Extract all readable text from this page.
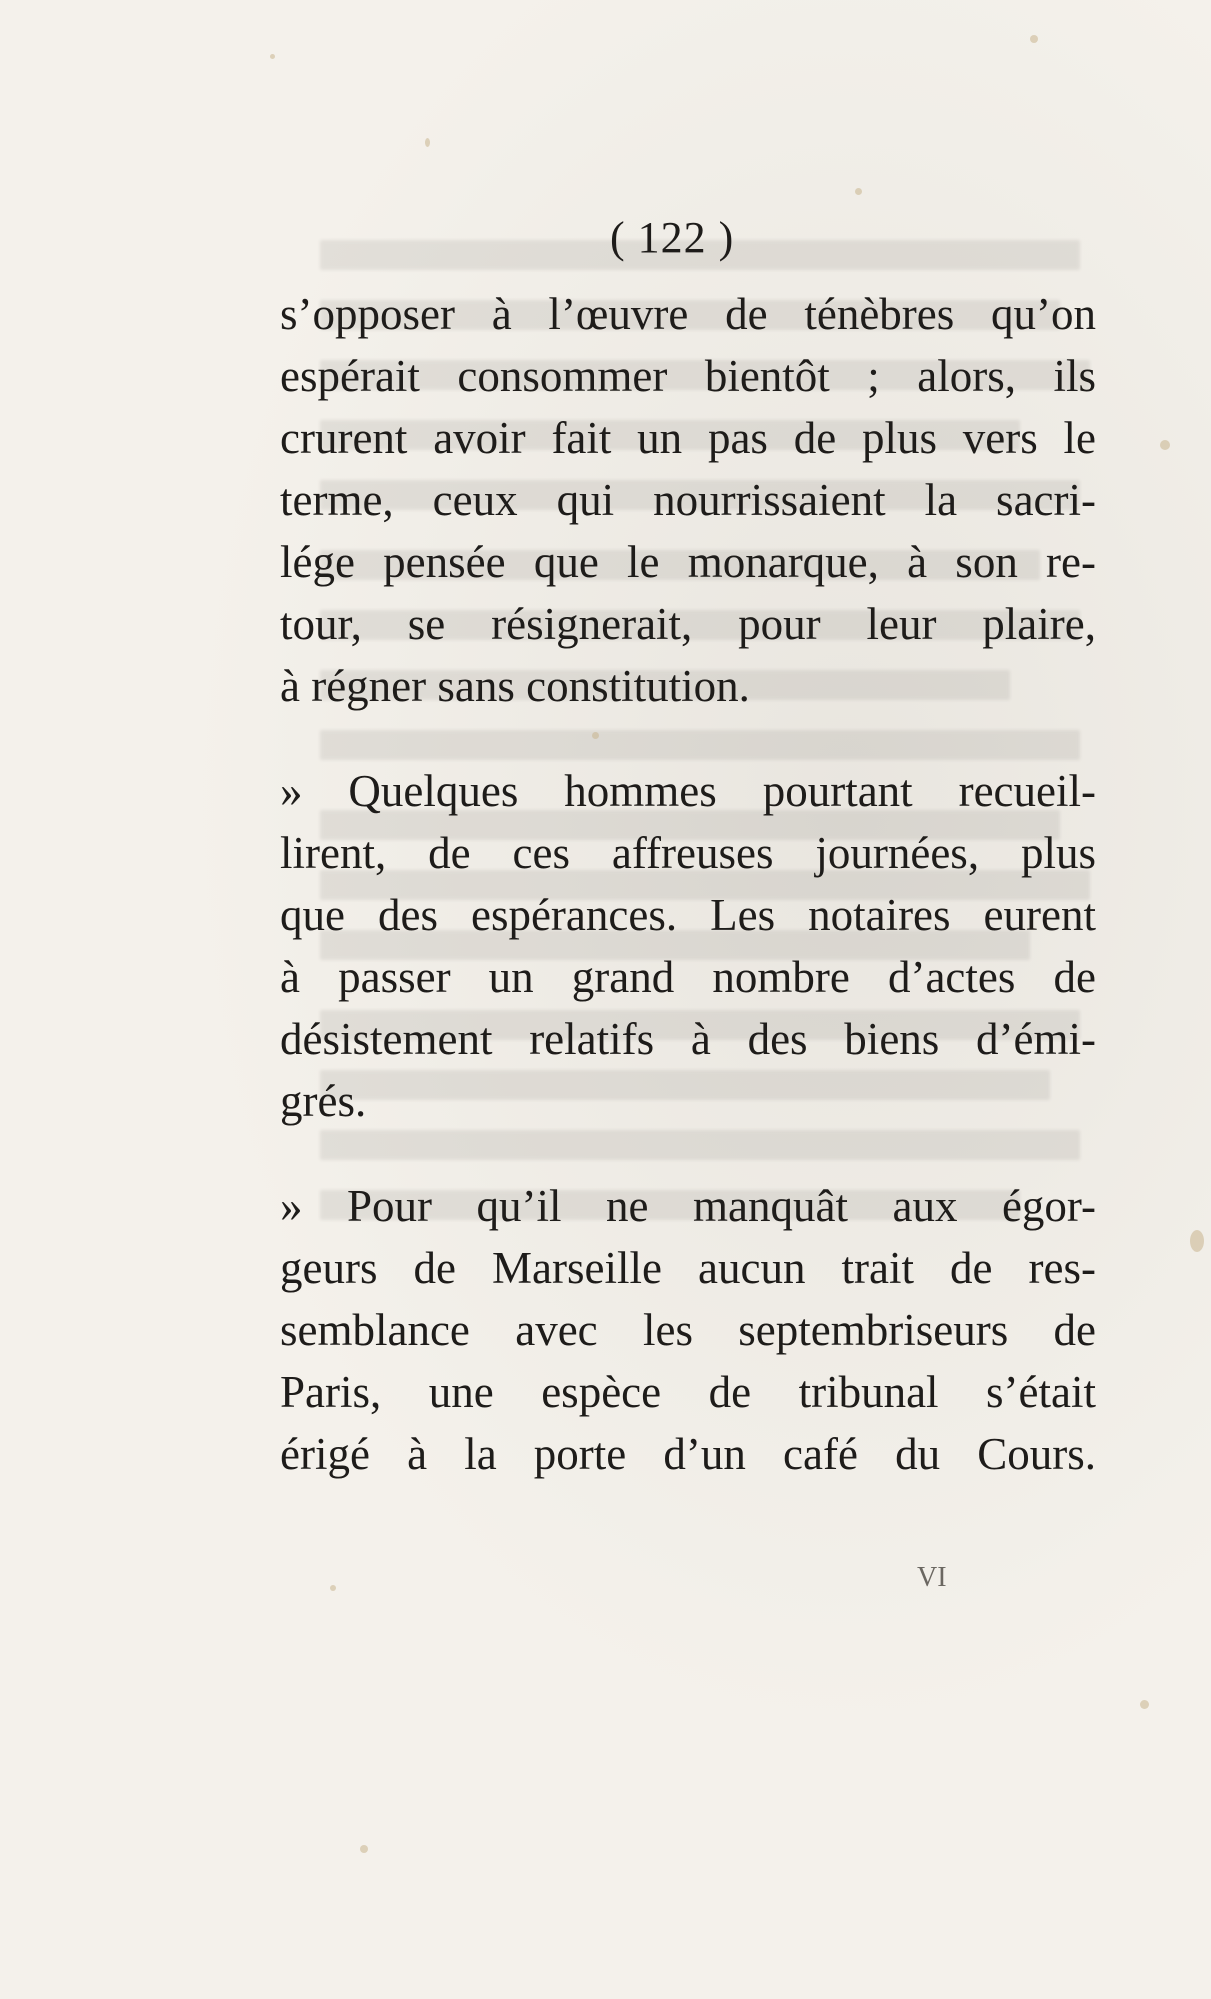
( 122 )
s’opposer à l’œuvre de ténèbres qu’on
espérait consommer bientôt ; alors, ils
crurent avoir fait un pas de plus vers le
terme, ceux qui nourrissaient la sacri-
lége pensée que le monarque, à son re-
tour, se résignerait, pour leur plaire,
à régner sans constitution.
» Quelques hommes pourtant recueil-
lirent, de ces affreuses journées, plus
que des espérances. Les notaires eurent
à passer un grand nombre d’actes de
désistement relatifs à des biens d’émi-
grés.
» Pour qu’il ne manquât aux égor-
geurs de Marseille aucun trait de res-
semblance avec les septembriseurs de
Paris, une espèce de tribunal s’était
érigé à la porte d’un café du Cours.
VI
